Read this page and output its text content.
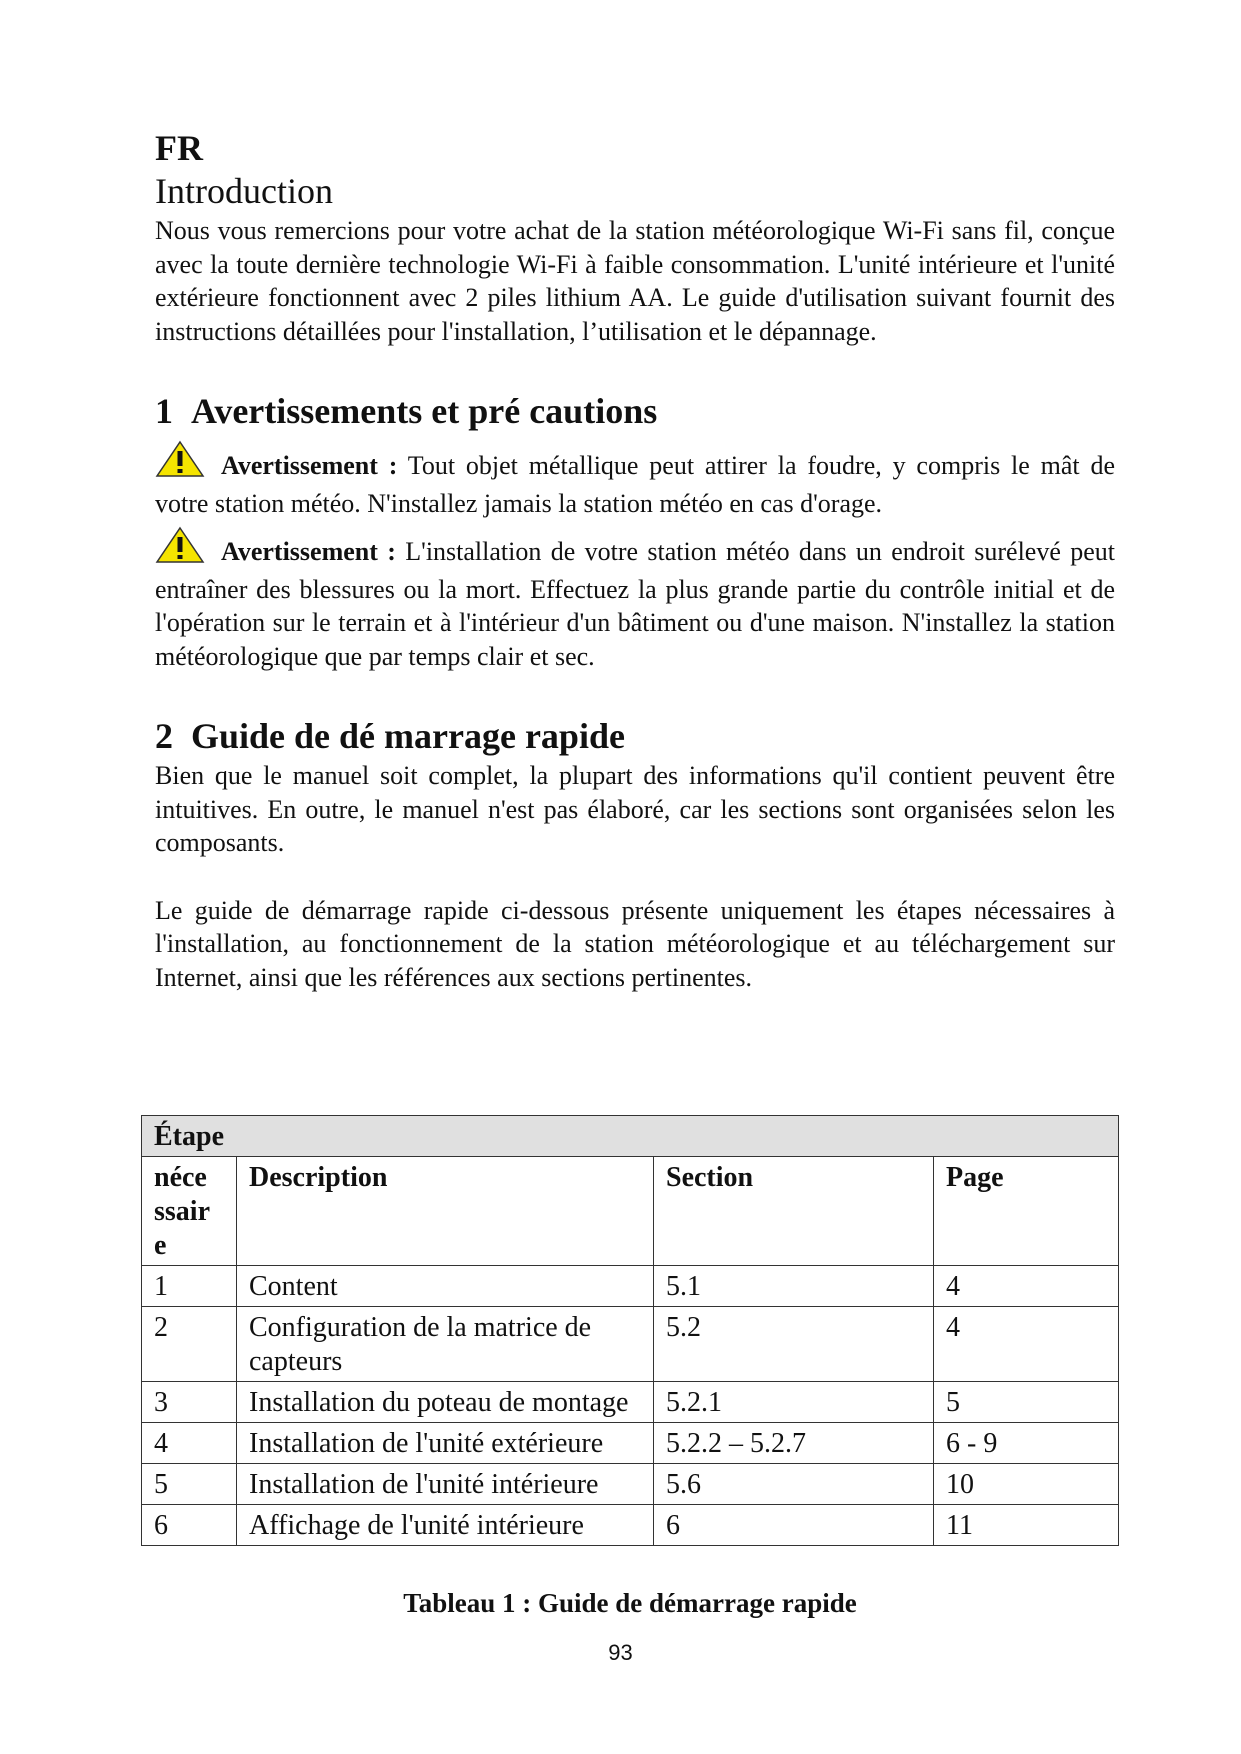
FR
Introduction

Nous vous remercions pour votre achat de la station météorologique Wi-Fi sans fil, conçue avec la toute dernière technologie Wi-Fi à faible consommation. L'unité intérieure et l'unité extérieure fonctionnent avec 2 piles lithium AA. Le guide d'utilisation suivant fournit des instructions détaillées pour l'installation, l’utilisation et le dépannage.

1 Avertissements et pré cautions

Avertissement : Tout objet métallique peut attirer la foudre, y compris le mât de votre station météo. N'installez jamais la station météo en cas d'orage.

Avertissement : L'installation de votre station météo dans un endroit surélevé peut entraîner des blessures ou la mort. Effectuez la plus grande partie du contrôle initial et de l'opération sur le terrain et à l'intérieur d'un bâtiment ou d'une maison. N'installez la station météorologique que par temps clair et sec.

2 Guide de dé marrage rapide

Bien que le manuel soit complet, la plupart des informations qu'il contient peuvent être intuitives. En outre, le manuel n'est pas élaboré, car les sections sont organisées selon les composants.

Le guide de démarrage rapide ci-dessous présente uniquement les étapes nécessaires à l'installation, au fonctionnement de la station météorologique et au téléchargement sur Internet, ainsi que les références aux sections pertinentes.

Étape			
néce ssair e	Description	Section	Page
1	Content	5.1	4
2	Configuration de la matrice de capteurs	5.2	4
3	Installation du poteau de montage	5.2.1	5
4	Installation de l'unité extérieure	5.2.2 – 5.2.7	6 - 9
5	Installation de l'unité intérieure	5.6	10
6	Affichage de l'unité intérieure	6	11
Tableau 1 : Guide de démarrage rapide
93
